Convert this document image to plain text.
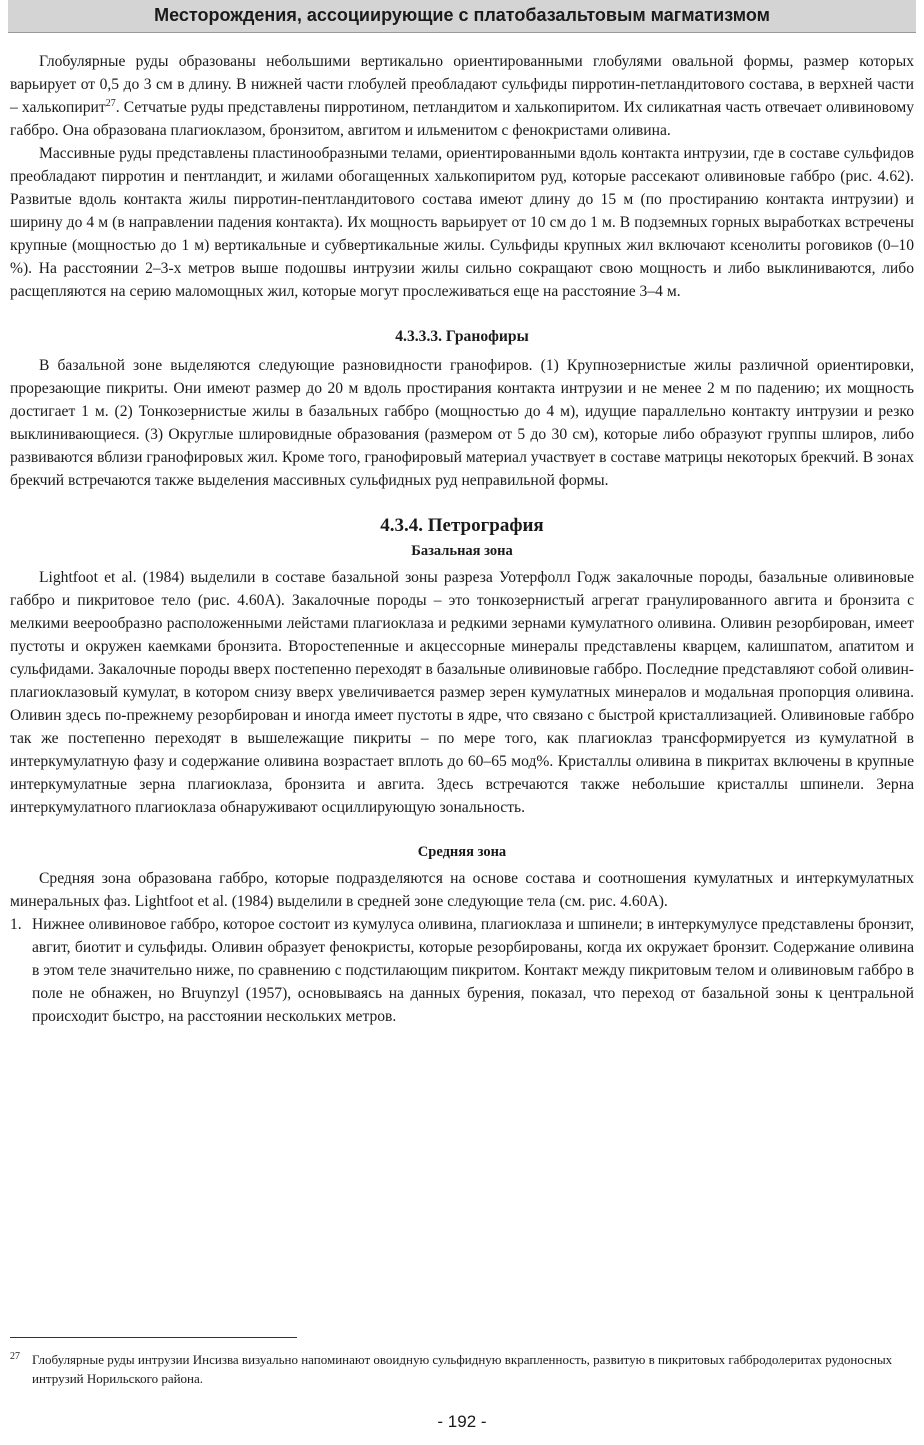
Месторождения, ассоциирующие с платобазальтовым магматизмом

Глобулярные руды образованы небольшими вертикально ориентированными глобулями овальной формы, размер которых варьирует от 0,5 до 3 см в длину. В нижней части глобулей преобладают сульфиды пирротин-петландитового состава, в верхней части – халькопирит$^{27}$. Сетчатые руды представлены пирротином, петландитом и халькопиритом. Их силикатная часть отвечает оливиновому габбро. Она образована плагиоклазом, бронзитом, авгитом и ильменитом с фенокристами оливина.

Массивные руды представлены пластинообразными телами, ориентированными вдоль контакта интрузии, где в составе сульфидов преобладают пирротин и пентландит, и жилами обогащенных халькопиритом руд, которые рассекают оливиновые габбро (рис. 4.62). Развитые вдоль контакта жилы пирротин-пентландитового состава имеют длину до 15 м (по простиранию контакта интрузии) и ширину до 4 м (в направлении падения контакта). Их мощность варьирует от 10 см до 1 м. В подземных горных выработках встречены крупные (мощностью до 1 м) вертикальные и субвертикальные жилы. Сульфиды крупных жил включают ксенолиты роговиков (0–10 %). На расстоянии 2–3-х метров выше подошвы интрузии жилы сильно сокращают свою мощность и либо выклиниваются, либо расщепляются на серию маломощных жил, которые могут прослеживаться еще на расстояние 3–4 м.

4.3.3.3. Гранофиры

В базальной зоне выделяются следующие разновидности гранофиров. (1) Крупнозернистые жилы различной ориентировки, прорезающие пикриты. Они имеют размер до 20 м вдоль простирания контакта интрузии и не менее 2 м по падению; их мощность достигает 1 м. (2) Тонкозернистые жилы в базальных габбро (мощностью до 4 м), идущие параллельно контакту интрузии и резко выклинивающиеся. (3) Округлые шлировидные образования (размером от 5 до 30 см), которые либо образуют группы шлиров, либо развиваются вблизи гранофировых жил. Кроме того, гранофировый материал участвует в составе матрицы некоторых брекчий. В зонах брекчий встречаются также выделения массивных сульфидных руд неправильной формы.

4.3.4. Петрография
Базальная зона

Lightfoot et al. (1984) выделили в составе базальной зоны разреза Уотерфолл Годж закалочные породы, базальные оливиновые габбро и пикритовое тело (рис. 4.60А). Закалочные породы – это тонкозернистый агрегат гранулированного авгита и бронзита с мелкими веерообразно расположенными лейстами плагиоклаза и редкими зернами кумулатного оливина. Оливин резорбирован, имеет пустоты и окружен каемками бронзита. Второстепенные и акцессорные минералы представлены кварцем, калишпатом, апатитом и сульфидами. Закалочные породы вверх постепенно переходят в базальные оливиновые габбро. Последние представляют собой оливин-плагиоклазовый кумулат, в котором снизу вверх увеличивается размер зерен кумулатных минералов и модальная пропорция оливина. Оливин здесь по-прежнему резорбирован и иногда имеет пустоты в ядре, что связано с быстрой кристаллизацией. Оливиновые габбро так же постепенно переходят в вышележащие пикриты – по мере того, как плагиоклаз трансформируется из кумулатной в интеркумулатную фазу и содержание оливина возрастает вплоть до 60–65 мод%. Кристаллы оливина в пикритах включены в крупные интеркумулатные зерна плагиоклаза, бронзита и авгита. Здесь встречаются также небольшие кристаллы шпинели. Зерна интеркумулатного плагиоклаза обнаруживают осциллирующую зональность.

Средняя зона

Средняя зона образована габбро, которые подразделяются на основе состава и соотношения кумулатных и интеркумулатных минеральных фаз. Lightfoot et al. (1984) выделили в средней зоне следующие тела (см. рис. 4.60А).

1. Нижнее оливиновое габбро, которое состоит из кумулуса оливина, плагиоклаза и шпинели; в интеркумулусе представлены бронзит, авгит, биотит и сульфиды. Оливин образует фенокристы, которые резорбированы, когда их окружает бронзит. Содержание оливина в этом теле значительно ниже, по сравнению с подстилающим пикритом. Контакт между пикритовым телом и оливиновым габбро в поле не обнажен, но Bruynzyl (1957), основываясь на данных бурения, показал, что переход от базальной зоны к центральной происходит быстро, на расстоянии нескольких метров.
27 Глобулярные руды интрузии Инсизва визуально напоминают овоидную сульфидную вкрапленность, развитую в пикритовых габбродолеритах рудоносных интрузий Норильского района.
- 192 -
